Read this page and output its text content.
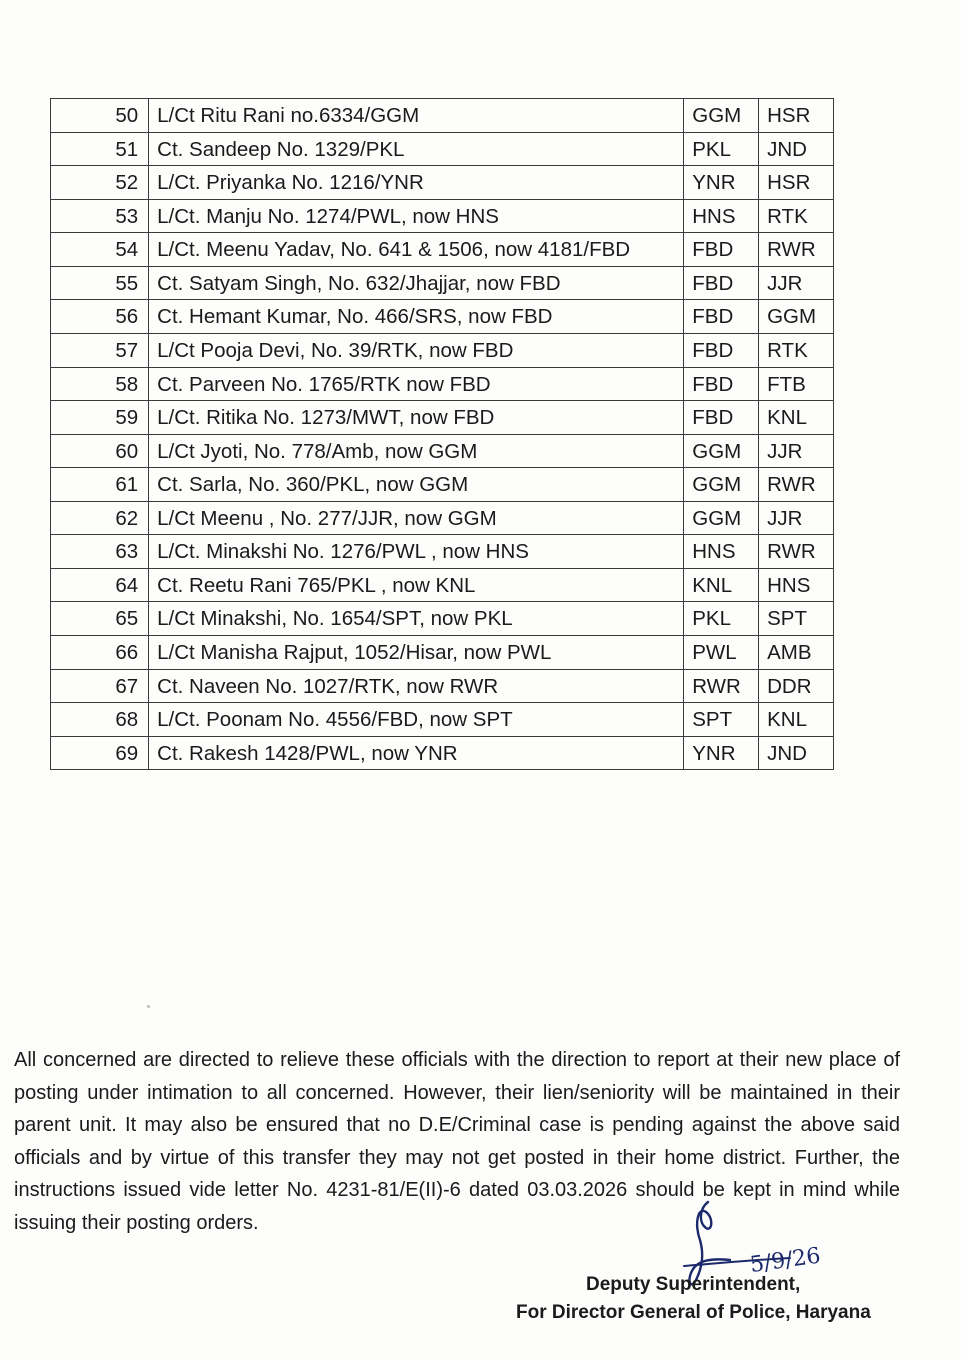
50	L/Ct Ritu Rani no.6334/GGM	GGM	HSR
51	Ct. Sandeep No. 1329/PKL	PKL	JND
52	L/Ct. Priyanka No. 1216/YNR	YNR	HSR
53	L/Ct. Manju No. 1274/PWL, now HNS	HNS	RTK
54	L/Ct. Meenu Yadav, No. 641 & 1506, now 4181/FBD	FBD	RWR
55	Ct. Satyam Singh, No. 632/Jhajjar, now FBD	FBD	JJR
56	Ct. Hemant Kumar, No. 466/SRS, now FBD	FBD	GGM
57	L/Ct Pooja Devi, No. 39/RTK, now FBD	FBD	RTK
58	Ct. Parveen No. 1765/RTK now FBD	FBD	FTB
59	L/Ct. Ritika No. 1273/MWT, now FBD	FBD	KNL
60	L/Ct Jyoti, No. 778/Amb, now GGM	GGM	JJR
61	Ct. Sarla, No. 360/PKL, now GGM	GGM	RWR
62	L/Ct Meenu , No. 277/JJR, now GGM	GGM	JJR
63	L/Ct. Minakshi No. 1276/PWL , now HNS	HNS	RWR
64	Ct. Reetu Rani 765/PKL , now KNL	KNL	HNS
65	L/Ct Minakshi, No. 1654/SPT, now PKL	PKL	SPT
66	L/Ct Manisha Rajput, 1052/Hisar, now PWL	PWL	AMB
67	Ct. Naveen No. 1027/RTK, now RWR	RWR	DDR
68	L/Ct. Poonam No. 4556/FBD, now SPT	SPT	KNL
69	Ct. Rakesh 1428/PWL, now YNR	YNR	JND

All concerned are directed to relieve these officials with the direction to report at their new place of posting under intimation to all concerned. However, their lien/seniority will be maintained in their parent unit. It may also be ensured that no D.E/Criminal case is pending against the above said officials and by virtue of this transfer they may not get posted in their home district. Further, the instructions issued vide letter No. 4231-81/E(II)-6 dated 03.03.2026 should be kept in mind while issuing their posting orders.

5/9/26
Deputy Superintendent,
For Director General of Police, Haryana
